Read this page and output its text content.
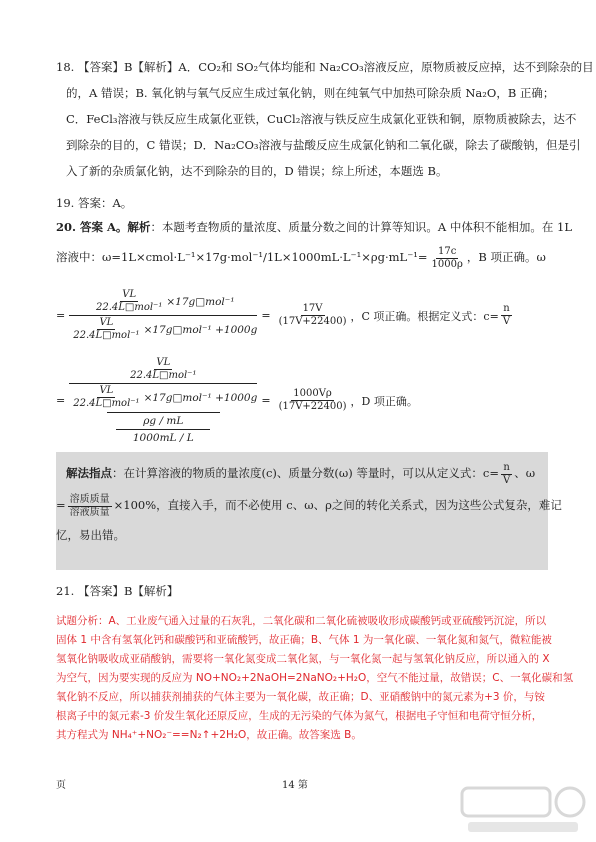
18. 【答案】B【解析】A．CO₂和 SO₂气体均能和 Na₂CO₃溶液反应，原物质被反应掉，达不到除杂的目
的，A 错误；B. 氧化钠与氧气反应生成过氧化钠，则在纯氧气中加热可除杂质 Na₂O，B 正确；
C．FeCl₃溶液与铁反应生成氯化亚铁，CuCl₂溶液与铁反应生成氯化亚铁和铜，原物质被除去，达不
到除杂的目的，C 错误；D．Na₂CO₃溶液与盐酸反应生成氯化钠和二氧化碳，除去了碳酸钠，但是引
入了新的杂质氯化钠，达不到除杂的目的，D 错误；综上所述，本题选 B。
19. 答案：A。
20. 答案 A。解析：本题考查物质的量浓度、质量分数之间的计算等知识。A 中体积不能相加。在 1L
溶液中：ω=1L×cmol·L⁻¹×17g·mol⁻¹/1L×1000mL·L⁻¹×ρg·mL⁻¹= $\frac{17c}{1000\rho}$ ，B 项正确。ω
=
$\frac{VL}{\text{22.4L□mol⁻¹}}$ ×17g□mol⁻¹
$\frac{VL}{\text{22.4L□mol⁻¹}}$ ×17g□mol⁻¹ +1000g
= $\frac{17V}{(17V+22400)}$ ，C 项正确。根据定义式：$c= \frac{n}{V}$
=
$\frac{VL}{\text{22.4L□mol⁻¹}}$
$\frac{VL}{\text{22.4L□mol⁻¹}}$ ×17g□mol⁻¹ +1000g
ρg / mL
1000mL / L
= $\frac{1000V\rho}{(17V+22400)}$ ，D 项正确。
解法指点：在计算溶液的物质的量浓度(c)、质量分数(ω) 等量时，可以从定义式：$c= \frac{n}{V}$ 、ω
= $\frac{\text{溶质质量}}{\text{溶液质量}} \times 100\%$，直接入手，而不必使用 c、ω、ρ之间的转化关系式，因为这些公式复杂，难记
忆，易出错。
21. 【答案】B【解析】
试题分析：A、工业废气通入过量的石灰乳，二氧化碳和二氧化硫被吸收形成碳酸钙或亚硫酸钙沉淀，所以
固体 1 中含有氢氧化钙和碳酸钙和亚硫酸钙，故正确；B、气体 1 为一氧化碳、一氧化氮和氮气，微粒能被
氢氧化钠吸收成亚硝酸钠，需要将一氧化氮变成二氧化氮，与一氧化氮一起与氢氧化钠反应，所以通入的 X
为空气，因为要实现的反应为 NO+NO₂+2NaOH=2NaNO₂+H₂O，空气不能过量，故错误；C、一氧化碳和氢
氧化钠不反应，所以捕获剂捕获的气体主要为一氧化碳，故正确；D、亚硝酸钠中的氮元素为+3 价，与铵
根离子中的氮元素-3 价发生氧化还原反应，生成的无污染的气体为氮气，根据电子守恒和电荷守恒分析，
其方程式为 NH₄⁺+NO₂⁻==N₂↑+2H₂O，故正确。故答案选 B。
页	14 第
